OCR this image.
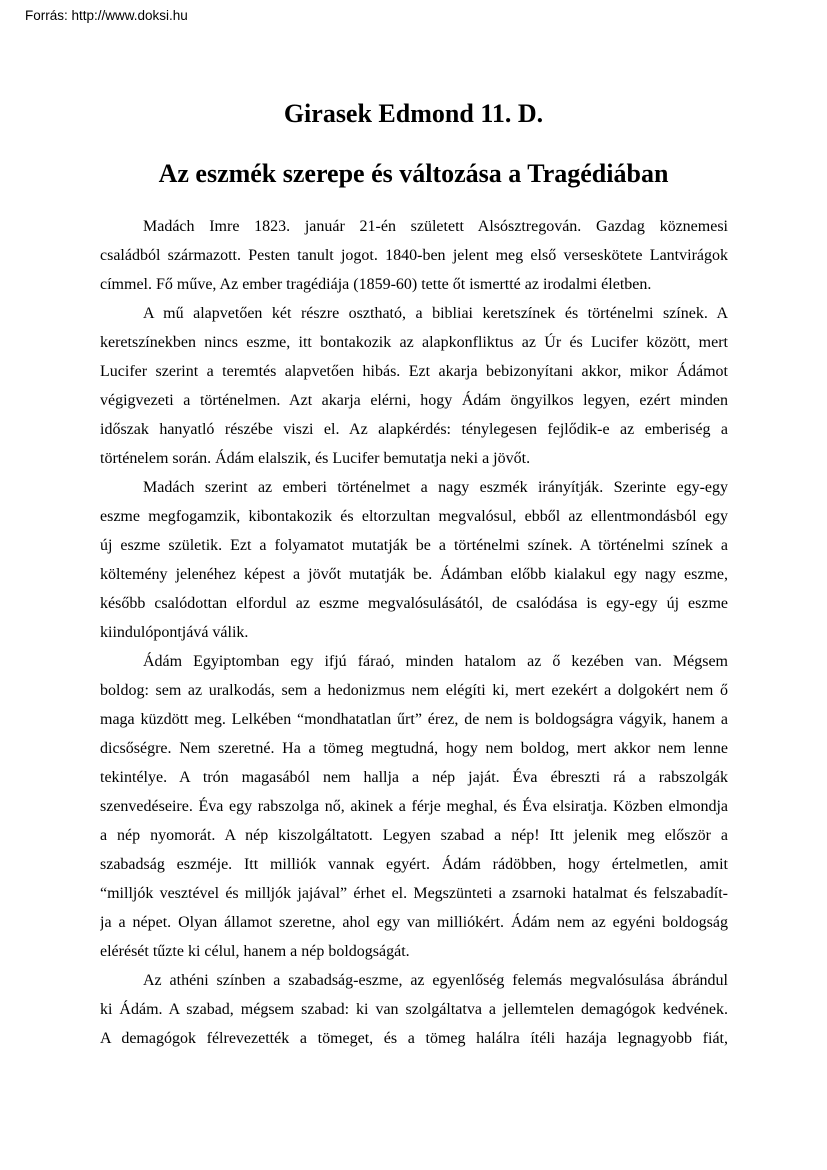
Forrás: http://www.doksi.hu
Girasek Edmond 11. D.
Az eszmék szerepe és változása a Tragédiában
Madách Imre 1823. január 21-én született Alsósztregován. Gazdag köznemesi
családból származott. Pesten tanult jogot. 1840-ben jelent meg első verseskötete Lantvirágok
címmel. Fő műve, Az ember tragédiája (1859-60) tette őt ismertté az irodalmi életben.
A mű alapvetően két részre osztható, a bibliai keretszínek és történelmi színek. A
keretszínekben nincs eszme, itt bontakozik az alapkonfliktus az Úr és Lucifer között, mert
Lucifer szerint a teremtés alapvetően hibás. Ezt akarja bebizonyítani akkor, mikor Ádámot
végigvezeti a történelmen. Azt akarja elérni, hogy Ádám öngyilkos legyen, ezért minden
időszak hanyatló részébe viszi el. Az alapkérdés: ténylegesen fejlődik-e az emberiség a
történelem során. Ádám elalszik, és Lucifer bemutatja neki a jövőt.
Madách szerint az emberi történelmet a nagy eszmék irányítják. Szerinte egy-egy
eszme megfogamzik, kibontakozik és eltorzultan megvalósul, ebből az ellentmondásból egy
új eszme születik. Ezt a folyamatot mutatják be a történelmi színek. A történelmi színek a
költemény jelenéhez képest a jövőt mutatják be. Ádámban előbb kialakul egy nagy eszme,
később csalódottan elfordul az eszme megvalósulásától, de csalódása is egy-egy új eszme
kiindulópontjává válik.
Ádám Egyiptomban egy ifjú fáraó, minden hatalom az ő kezében van. Mégsem
boldog: sem az uralkodás, sem a hedonizmus nem elégíti ki, mert ezekért a dolgokért nem ő
maga küzdött meg. Lelkében “mondhatatlan űrt” érez, de nem is boldogságra vágyik, hanem a
dicsőségre. Nem szeretné. Ha a tömeg megtudná, hogy nem boldog, mert akkor nem lenne
tekintélye. A trón magasából nem hallja a nép jaját. Éva ébreszti rá a rabszolgák
szenvedéseire. Éva egy rabszolga nő, akinek a férje meghal, és Éva elsiratja. Közben elmondja
a nép nyomorát. A nép kiszolgáltatott. Legyen szabad a nép! Itt jelenik meg először a
szabadság eszméje. Itt milliók vannak egyért. Ádám rádöbben, hogy értelmetlen, amit
“milljók vesztével és milljók jajával” érhet el. Megszünteti a zsarnoki hatalmat és felszabadít-
ja a népet. Olyan államot szeretne, ahol egy van milliókért. Ádám nem az egyéni boldogság
elérését tűzte ki célul, hanem a nép boldogságát.
Az athéni színben a szabadság-eszme, az egyenlőség felemás megvalósulása ábrándul
ki Ádám. A szabad, mégsem szabad: ki van szolgáltatva a jellemtelen demagógok kedvének.
A demagógok félrevezették a tömeget, és a tömeg halálra ítéli hazája legnagyobb fiát,
